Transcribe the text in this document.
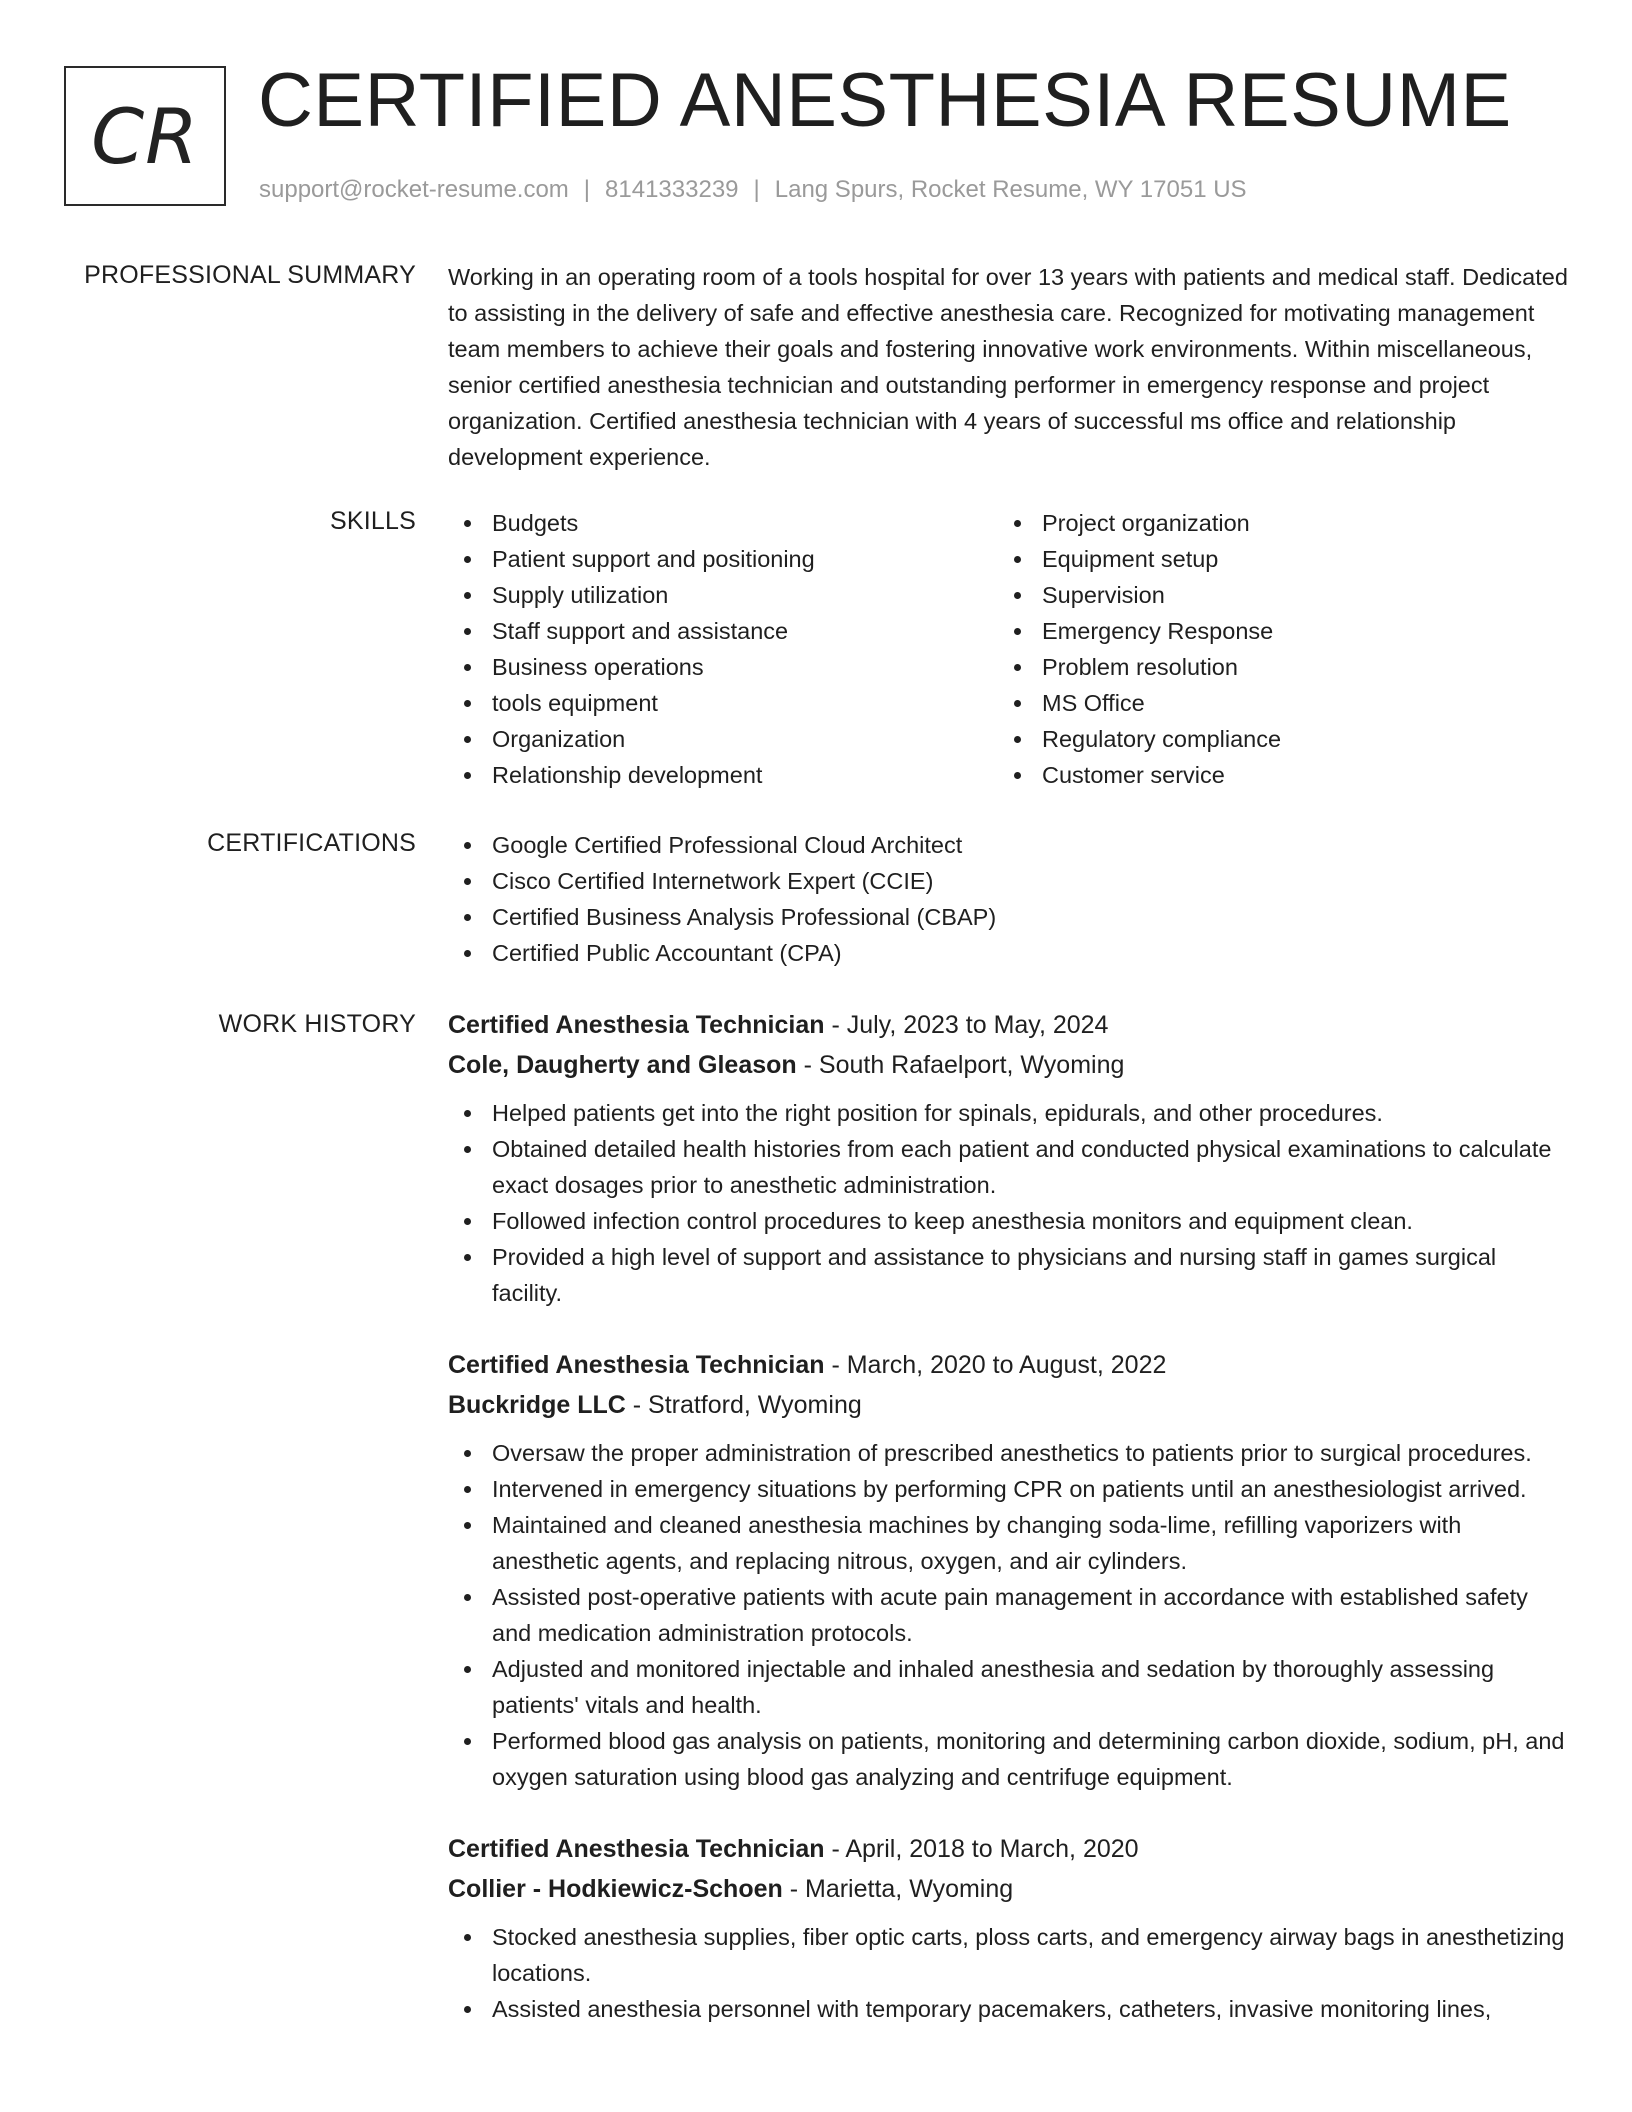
CR CERTIFIED ANESTHESIA RESUME
support@rocket-resume.com | 8141333239 | Lang Spurs, Rocket Resume, WY 17051 US
PROFESSIONAL SUMMARY Working in an operating room of a tools hospital for over 13 years with patients and medical staff. Dedicated to assisting in the delivery of safe and effective anesthesia care. Recognized for motivating management team members to achieve their goals and fostering innovative work environments. Within miscellaneous, senior certified anesthesia technician and outstanding performer in emergency response and project organization. Certified anesthesia technician with 4 years of successful ms office and relationship development experience.

SKILLS	Budgets
Patient support and positioning
Supply utilization
Staff support and assistance
Business operations
tools equipment
Organization
Relationship development
Project organization
Equipment setup
Supervision
Emergency Response
Problem resolution
MS Office
Regulatory compliance
Customer service
CERTIFICATIONS	Google Certified Professional Cloud Architect
Cisco Certified Internetwork Expert (CCIE)
Certified Business Analysis Professional (CBAP)
Certified Public Accountant (CPA)
WORK HISTORY Certified Anesthesia Technician - July, 2023 to May, 2024
Cole, Daugherty and Gleason - South Rafaelport, Wyoming
Helped patients get into the right position for spinals, epidurals, and other procedures.
Obtained detailed health histories from each patient and conducted physical examinations to calculate exact dosages prior to anesthetic administration.
Followed infection control procedures to keep anesthesia monitors and equipment clean.
Provided a high level of support and assistance to physicians and nursing staff in games surgical facility.
Certified Anesthesia Technician - March, 2020 to August, 2022
Buckridge LLC - Stratford, Wyoming
Oversaw the proper administration of prescribed anesthetics to patients prior to surgical procedures.
Intervened in emergency situations by performing CPR on patients until an anesthesiologist arrived.
Maintained and cleaned anesthesia machines by changing soda-lime, refilling vaporizers with anesthetic agents, and replacing nitrous, oxygen, and air cylinders.
Assisted post-operative patients with acute pain management in accordance with established safety and medication administration protocols.
Adjusted and monitored injectable and inhaled anesthesia and sedation by thoroughly assessing patients' vitals and health.
Performed blood gas analysis on patients, monitoring and determining carbon dioxide, sodium, pH, and oxygen saturation using blood gas analyzing and centrifuge equipment.
Certified Anesthesia Technician - April, 2018 to March, 2020
Collier - Hodkiewicz-Schoen - Marietta, Wyoming
Stocked anesthesia supplies, fiber optic carts, ploss carts, and emergency airway bags in anesthetizing locations.
Assisted anesthesia personnel with temporary pacemakers, catheters, invasive monitoring lines,
